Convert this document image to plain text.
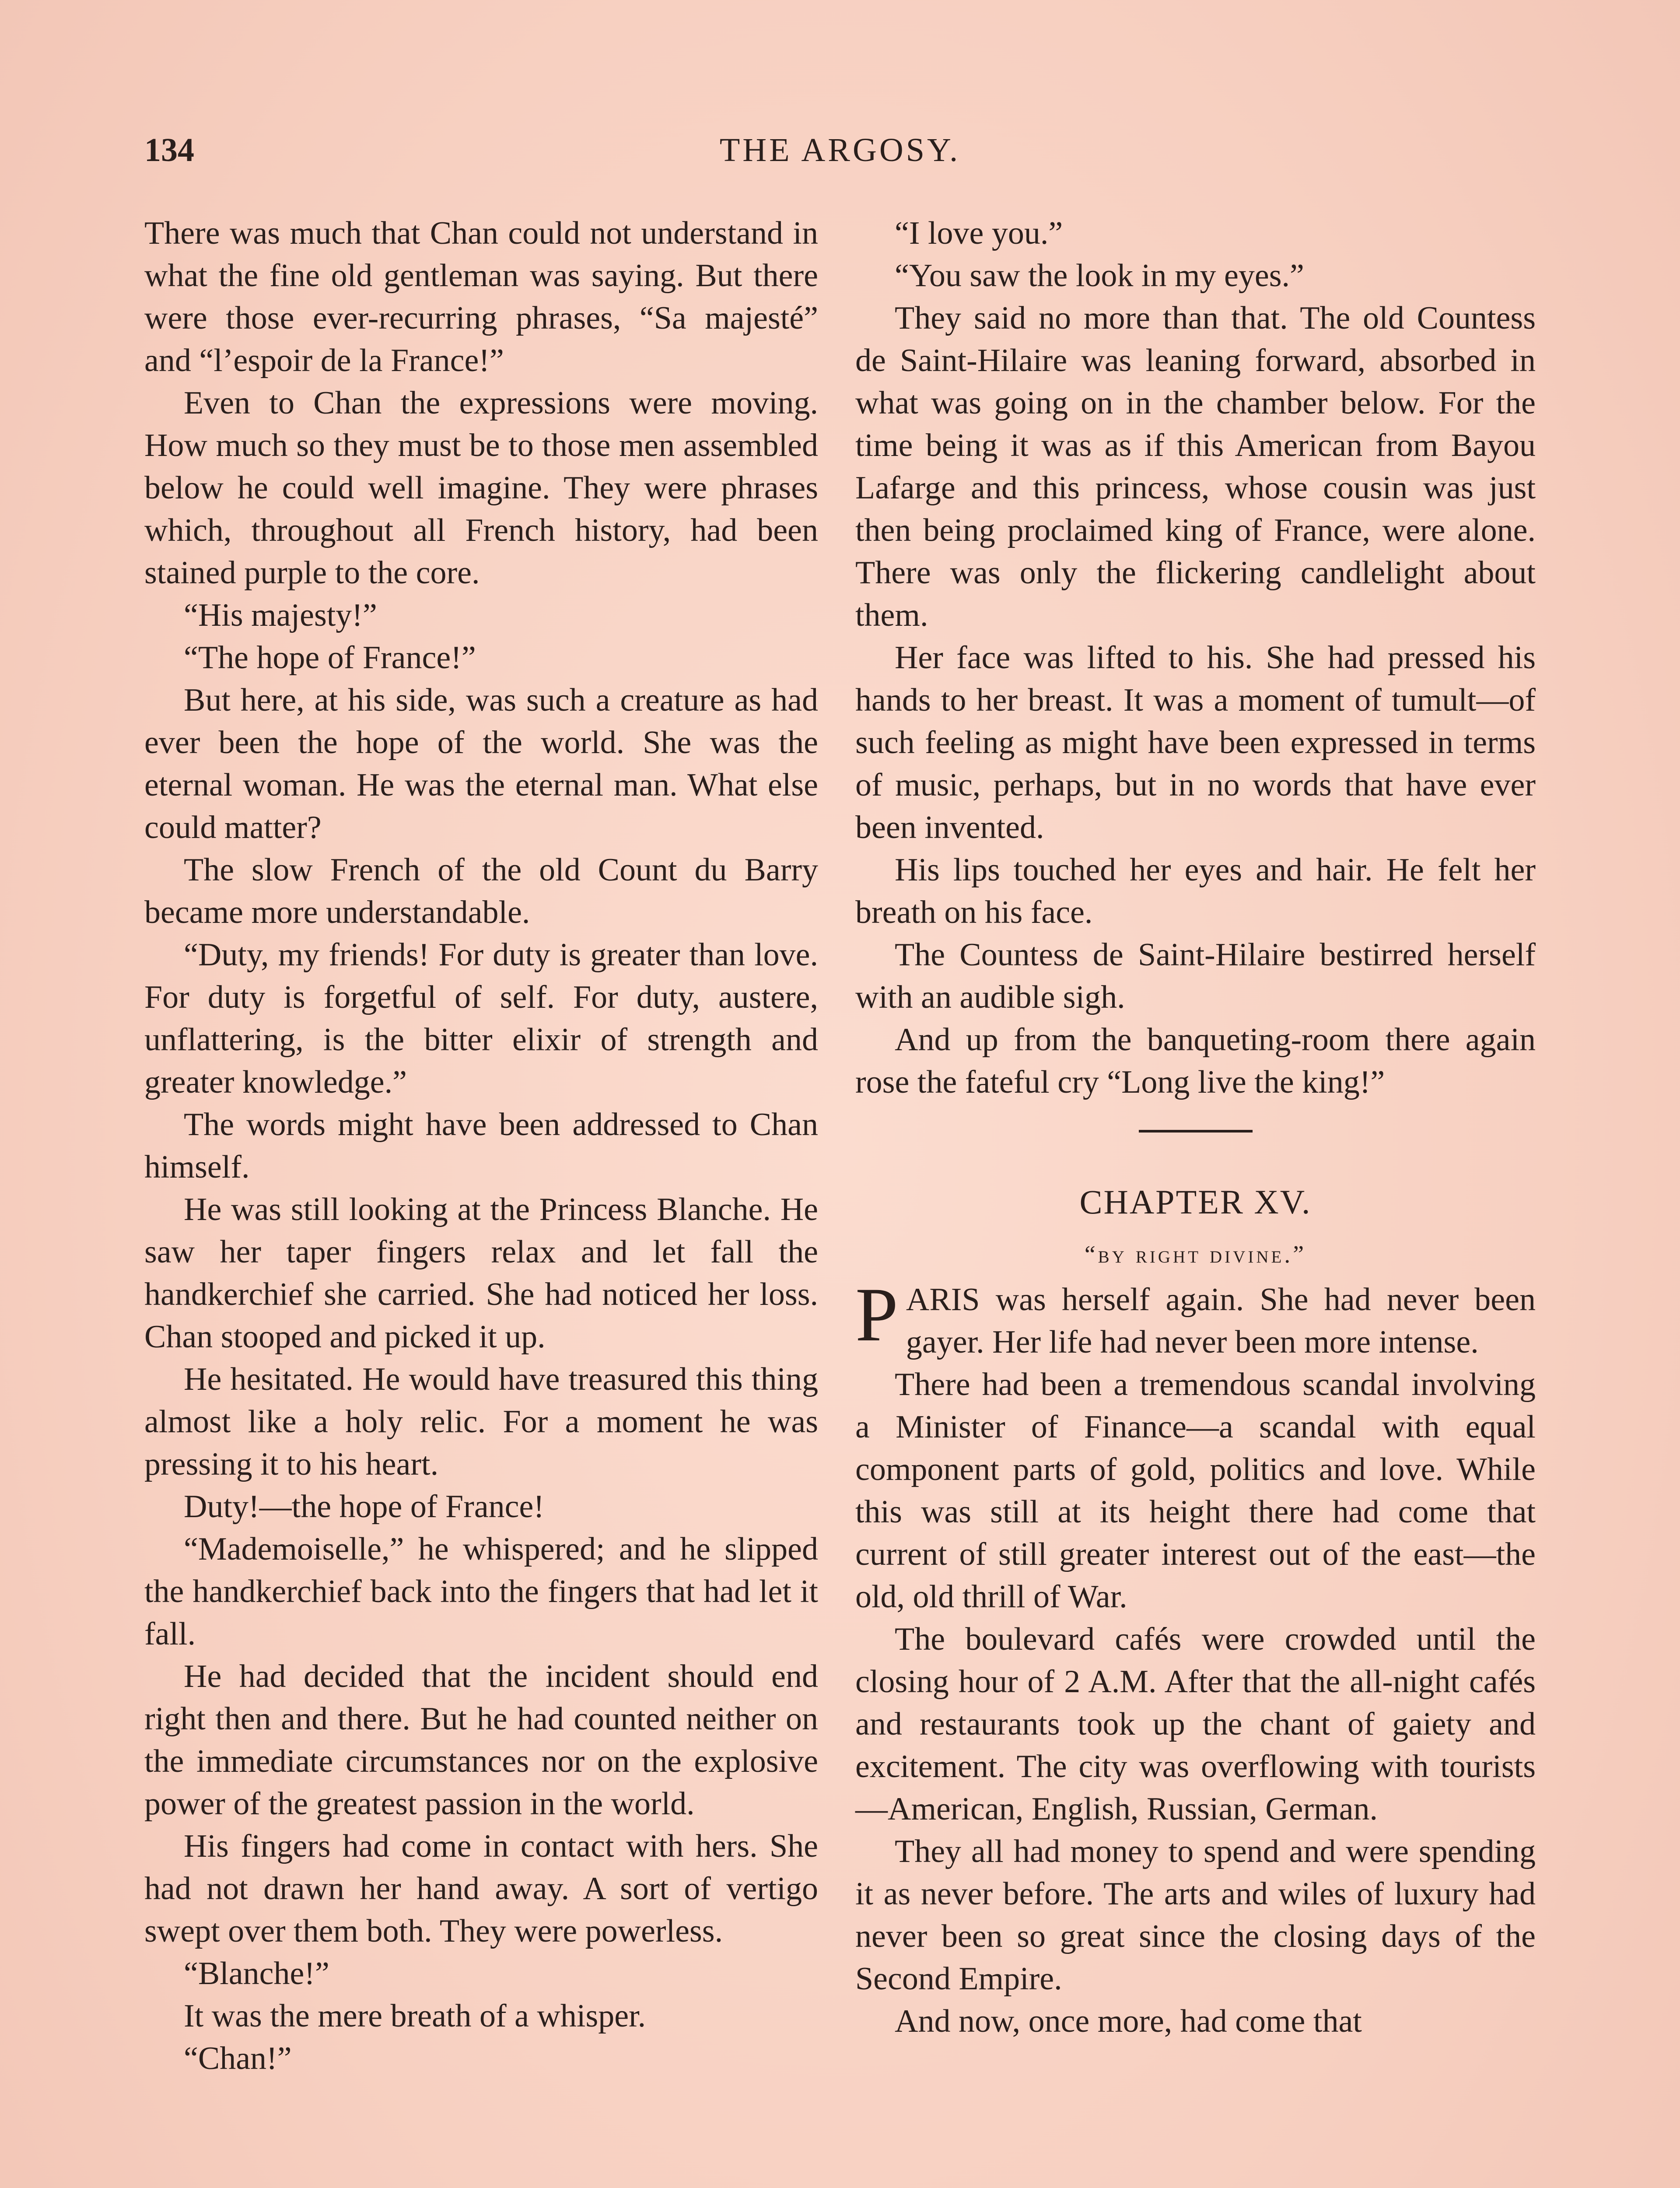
134	THE ARGOSY.

There was much that Chan could not understand in what the fine old gentleman was saying. But there were those ever-recurring phrases, “Sa majesté” and “l’espoir de la France!”

Even to Chan the expressions were moving. How much so they must be to those men assembled below he could well imagine. They were phrases which, throughout all French history, had been stained purple to the core.

“His majesty!”

“The hope of France!”

But here, at his side, was such a creature as had ever been the hope of the world. She was the eternal woman. He was the eternal man. What else could matter?

The slow French of the old Count du Barry became more understandable.

“Duty, my friends! For duty is greater than love. For duty is forgetful of self. For duty, austere, unflattering, is the bitter elixir of strength and greater knowledge.”

The words might have been addressed to Chan himself.

He was still looking at the Princess Blanche. He saw her taper fingers relax and let fall the handkerchief she carried. She had noticed her loss. Chan stooped and picked it up.

He hesitated. He would have treasured this thing almost like a holy relic. For a moment he was pressing it to his heart.

Duty!—the hope of France!

“Mademoiselle,” he whispered; and he slipped the handkerchief back into the fingers that had let it fall.

He had decided that the incident should end right then and there. But he had counted neither on the immediate circumstances nor on the explosive power of the greatest passion in the world.

His fingers had come in contact with hers. She had not drawn her hand away. A sort of vertigo swept over them both. They were powerless.

“Blanche!”

It was the mere breath of a whisper.

“Chan!”

“I love you.”

“You saw the look in my eyes.”

They said no more than that. The old Countess de Saint-Hilaire was leaning forward, absorbed in what was going on in the chamber below. For the time being it was as if this American from Bayou Lafarge and this princess, whose cousin was just then being proclaimed king of France, were alone. There was only the flickering candlelight about them.

Her face was lifted to his. She had pressed his hands to her breast. It was a moment of tumult—of such feeling as might have been expressed in terms of music, perhaps, but in no words that have ever been invented.

His lips touched her eyes and hair. He felt her breath on his face.

The Countess de Saint-Hilaire bestirred herself with an audible sigh.

And up from the banqueting-room there again rose the fateful cry “Long live the king!”

CHAPTER XV.
“by right divine.”

PARIS was herself again. She had never been gayer. Her life had never been more intense.

There had been a tremendous scandal involving a Minister of Finance—a scandal with equal component parts of gold, politics and love. While this was still at its height there had come that current of still greater interest out of the east—the old, old thrill of War.

The boulevard cafés were crowded until the closing hour of 2 A.M. After that the all-night cafés and restaurants took up the chant of gaiety and excitement. The city was overflowing with tourists—American, English, Russian, German.

They all had money to spend and were spending it as never before. The arts and wiles of luxury had never been so great since the closing days of the Second Empire.

And now, once more, had come that
